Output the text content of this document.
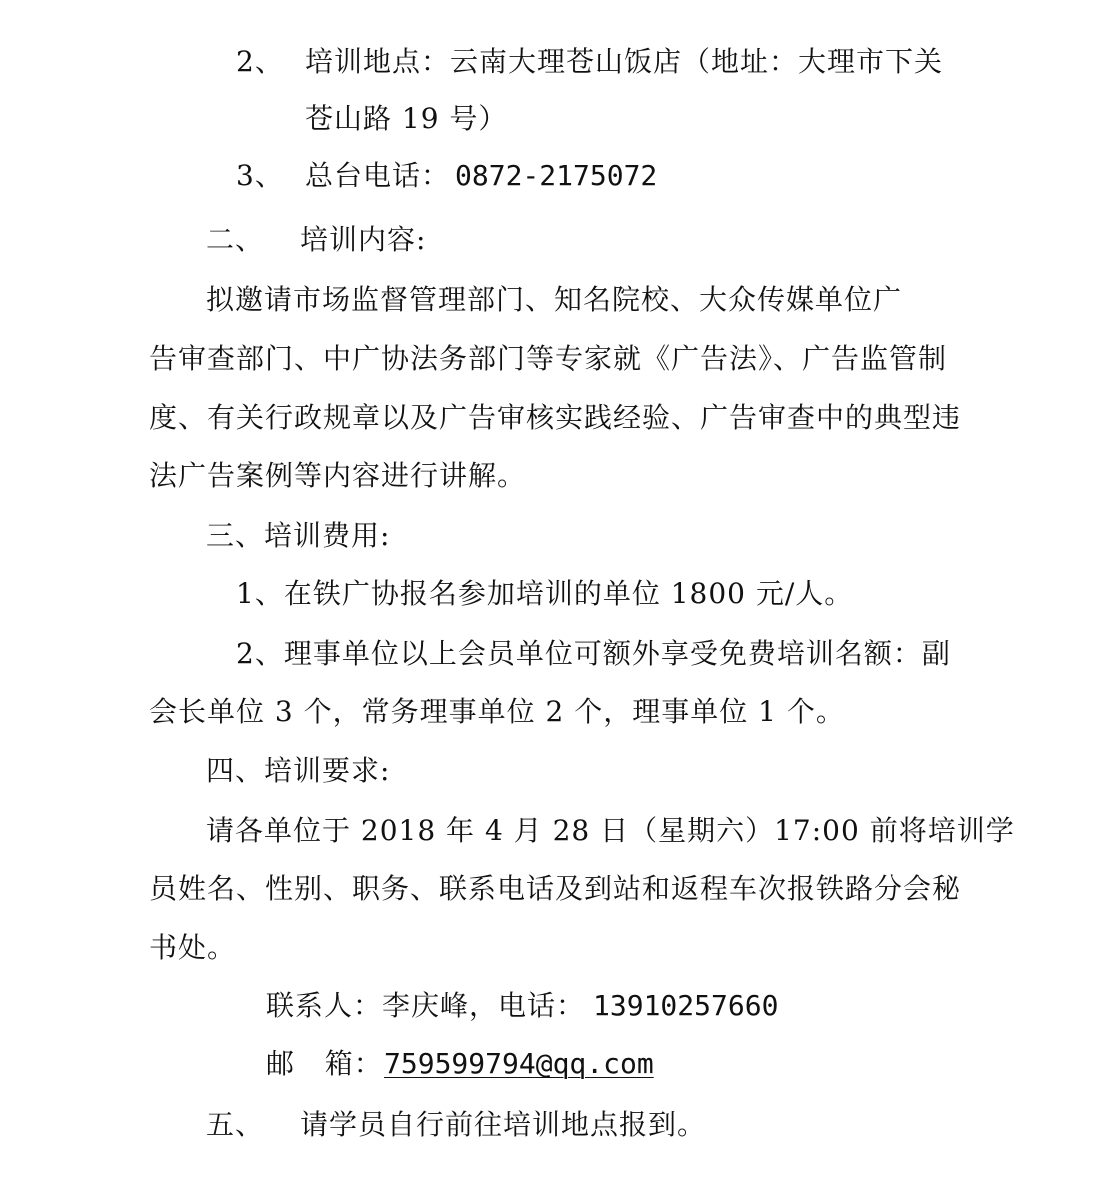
2、 培训地点：云南大理苍山饭店（地址：大理市下关
苍山路 19 号）
3、 总台电话： 0872-2175072
二、 培训内容:
拟邀请市场监督管理部门、知名院校、大众传媒单位广
告审查部门、中广协法务部门等专家就《广告法》、广告监管制
度、有关行政规章以及广告审核实践经验、广告审查中的典型违
法广告案例等内容进行讲解。
三、培训费用:
1、在铁广协报名参加培训的单位 1800 元/人。
2、理事单位以上会员单位可额外享受免费培训名额：副
会长单位 3 个，常务理事单位 2 个，理事单位 1 个。
四、培训要求:
请各单位于 2018 年 4 月 28 日（星期六）17:00 前将培训学
员姓名、性别、职务、联系电话及到站和返程车次报铁路分会秘
书处。
联系人：李庆峰，电话： 13910257660
邮   箱： 759599794@qq.com
五、 请学员自行前往培训地点报到。
